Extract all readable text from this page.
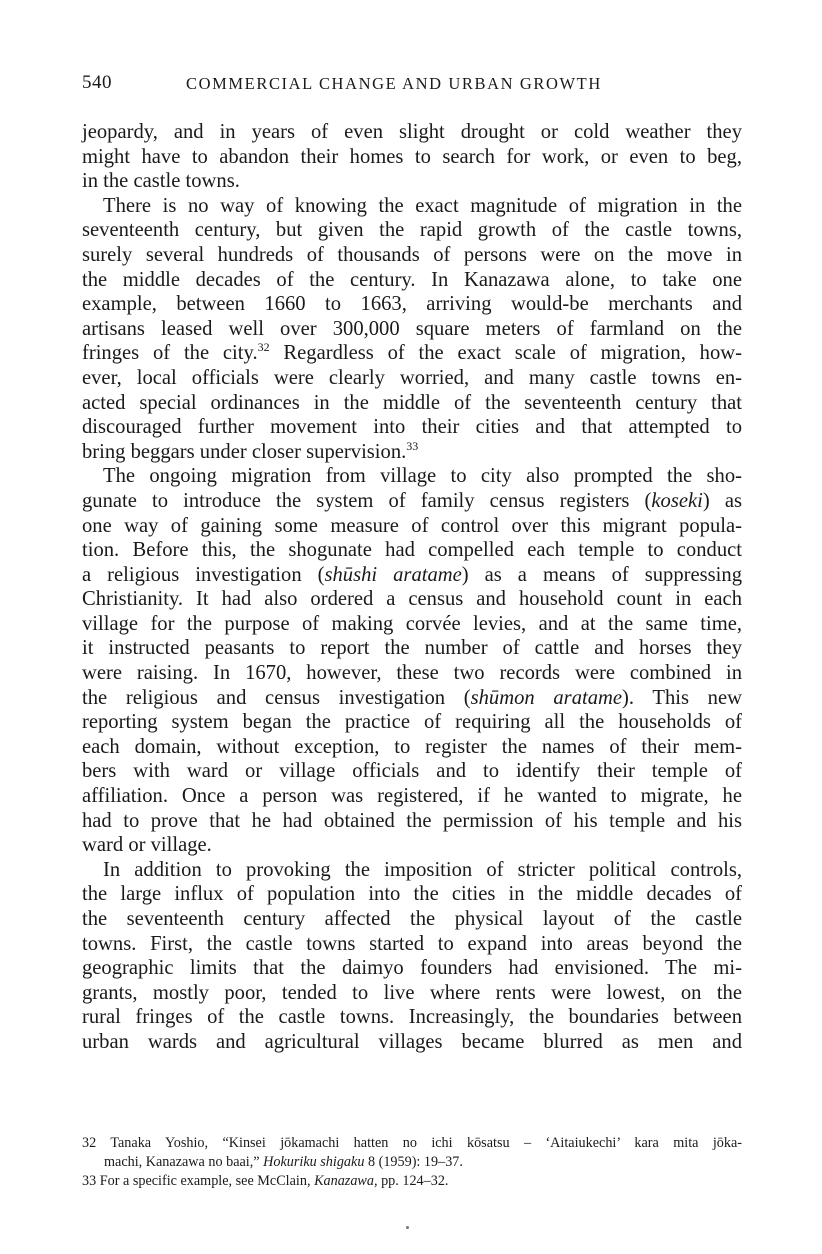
540	COMMERCIAL CHANGE AND URBAN GROWTH
jeopardy, and in years of even slight drought or cold weather they
might have to abandon their homes to search for work, or even to beg,
in the castle towns.
There is no way of knowing the exact magnitude of migration in the
seventeenth century, but given the rapid growth of the castle towns,
surely several hundreds of thousands of persons were on the move in
the middle decades of the century. In Kanazawa alone, to take one
example, between 1660 to 1663, arriving would-be merchants and
artisans leased well over 300,000 square meters of farmland on the
fringes of the city.$^{32}$ Regardless of the exact scale of migration, how-
ever, local officials were clearly worried, and many castle towns en-
acted special ordinances in the middle of the seventeenth century that
discouraged further movement into their cities and that attempted to
bring beggars under closer supervision.$^{33}$
The ongoing migration from village to city also prompted the sho-
gunate to introduce the system of family census registers (koseki) as
one way of gaining some measure of control over this migrant popula-
tion. Before this, the shogunate had compelled each temple to conduct
a religious investigation (shūshi aratame) as a means of suppressing
Christianity. It had also ordered a census and household count in each
village for the purpose of making corvée levies, and at the same time,
it instructed peasants to report the number of cattle and horses they
were raising. In 1670, however, these two records were combined in
the religious and census investigation (shūmon aratame). This new
reporting system began the practice of requiring all the households of
each domain, without exception, to register the names of their mem-
bers with ward or village officials and to identify their temple of
affiliation. Once a person was registered, if he wanted to migrate, he
had to prove that he had obtained the permission of his temple and his
ward or village.
In addition to provoking the imposition of stricter political controls,
the large influx of population into the cities in the middle decades of
the seventeenth century affected the physical layout of the castle
towns. First, the castle towns started to expand into areas beyond the
geographic limits that the daimyo founders had envisioned. The mi-
grants, mostly poor, tended to live where rents were lowest, on the
rural fringes of the castle towns. Increasingly, the boundaries between
urban wards and agricultural villages became blurred as men and
32 Tanaka Yoshio, “Kinsei jōkamachi hatten no ichi kōsatsu – ‘Aitaiukechi’ kara mita jōka-
machi, Kanazawa no baai,” Hokuriku shigaku 8 (1959): 19–37.
33 For a specific example, see McClain, Kanazawa, pp. 124–32.
